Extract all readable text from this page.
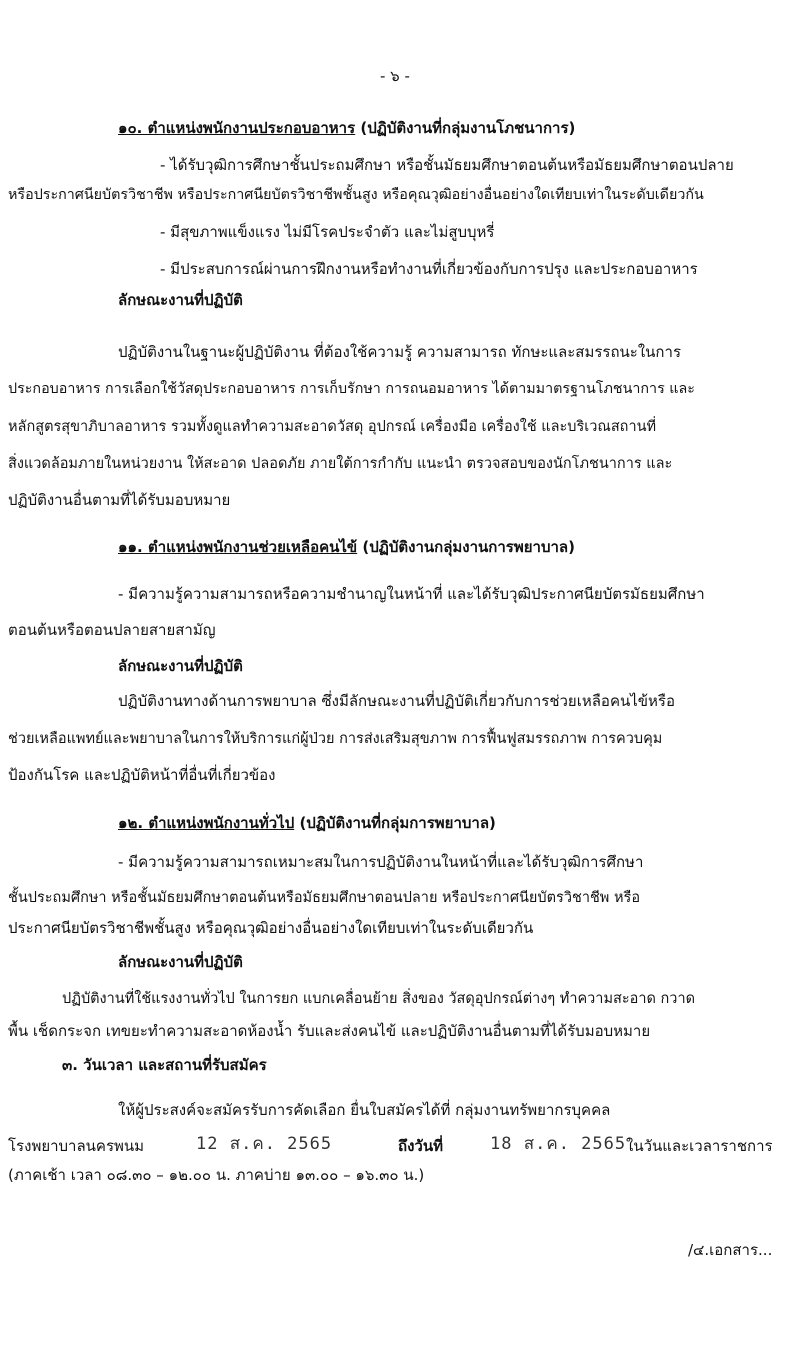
- ๖ -
๑๐. ตำแหน่งพนักงานประกอบอาหาร (ปฏิบัติงานที่กลุ่มงานโภชนาการ)
- ได้รับวุฒิการศึกษาชั้นประถมศึกษา หรือชั้นมัธยมศึกษาตอนต้นหรือมัธยมศึกษาตอนปลาย
หรือประกาศนียบัตรวิชาชีพ หรือประกาศนียบัตรวิชาชีพชั้นสูง หรือคุณวุฒิอย่างอื่นอย่างใดเทียบเท่าในระดับเดียวกัน
- มีสุขภาพแข็งแรง ไม่มีโรคประจำตัว และไม่สูบบุหรี่
- มีประสบการณ์ผ่านการฝึกงานหรือทำงานที่เกี่ยวข้องกับการปรุง และประกอบอาหาร
ลักษณะงานที่ปฏิบัติ
ปฏิบัติงานในฐานะผู้ปฏิบัติงาน ที่ต้องใช้ความรู้ ความสามารถ ทักษะและสมรรถนะในการ
ประกอบอาหาร การเลือกใช้วัสดุประกอบอาหาร การเก็บรักษา การถนอมอาหาร ได้ตามมาตรฐานโภชนาการ และ
หลักสูตรสุขาภิบาลอาหาร รวมทั้งดูแลทำความสะอาดวัสดุ อุปกรณ์ เครื่องมือ เครื่องใช้ และบริเวณสถานที่
สิ่งแวดล้อมภายในหน่วยงาน ให้สะอาด ปลอดภัย ภายใต้การกำกับ แนะนำ ตรวจสอบของนักโภชนาการ และ
ปฏิบัติงานอื่นตามที่ได้รับมอบหมาย
๑๑. ตำแหน่งพนักงานช่วยเหลือคนไข้ (ปฏิบัติงานกลุ่มงานการพยาบาล)
- มีความรู้ความสามารถหรือความชำนาญในหน้าที่ และได้รับวุฒิประกาศนียบัตรมัธยมศึกษา
ตอนต้นหรือตอนปลายสายสามัญ
ลักษณะงานที่ปฏิบัติ
ปฏิบัติงานทางด้านการพยาบาล ซึ่งมีลักษณะงานที่ปฏิบัติเกี่ยวกับการช่วยเหลือคนไข้หรือ
ช่วยเหลือแพทย์และพยาบาลในการให้บริการแก่ผู้ป่วย การส่งเสริมสุขภาพ การฟื้นฟูสมรรถภาพ การควบคุม
ป้องกันโรค และปฏิบัติหน้าที่อื่นที่เกี่ยวข้อง
๑๒. ตำแหน่งพนักงานทั่วไป (ปฏิบัติงานที่กลุ่มการพยาบาล)
- มีความรู้ความสามารถเหมาะสมในการปฏิบัติงานในหน้าที่และได้รับวุฒิการศึกษา
ชั้นประถมศึกษา หรือชั้นมัธยมศึกษาตอนต้นหรือมัธยมศึกษาตอนปลาย หรือประกาศนียบัตรวิชาชีพ หรือ
ประกาศนียบัตรวิชาชีพชั้นสูง หรือคุณวุฒิอย่างอื่นอย่างใดเทียบเท่าในระดับเดียวกัน
ลักษณะงานที่ปฏิบัติ
ปฏิบัติงานที่ใช้แรงงานทั่วไป ในการยก แบกเคลื่อนย้าย สิ่งของ วัสดุอุปกรณ์ต่างๆ ทำความสะอาด กวาด
พื้น เช็ดกระจก เทขยะทำความสะอาดห้องน้ำ รับและส่งคนไข้ และปฏิบัติงานอื่นตามที่ได้รับมอบหมาย
๓. วันเวลา และสถานที่รับสมัคร
ให้ผู้ประสงค์จะสมัครรับการคัดเลือก ยื่นใบสมัครได้ที่ กลุ่มงานทรัพยากรบุคคล
โรงพยาบาลนครพนม	12 ส.ค. 2565	ถึงวันที่	18 ส.ค. 2565 ในวันและเวลาราชการ
(ภาคเช้า เวลา ๐๘.๓๐ – ๑๒.๐๐ น. ภาคบ่าย ๑๓.๐๐ – ๑๖.๓๐ น.)
/๔.เอกสาร...
